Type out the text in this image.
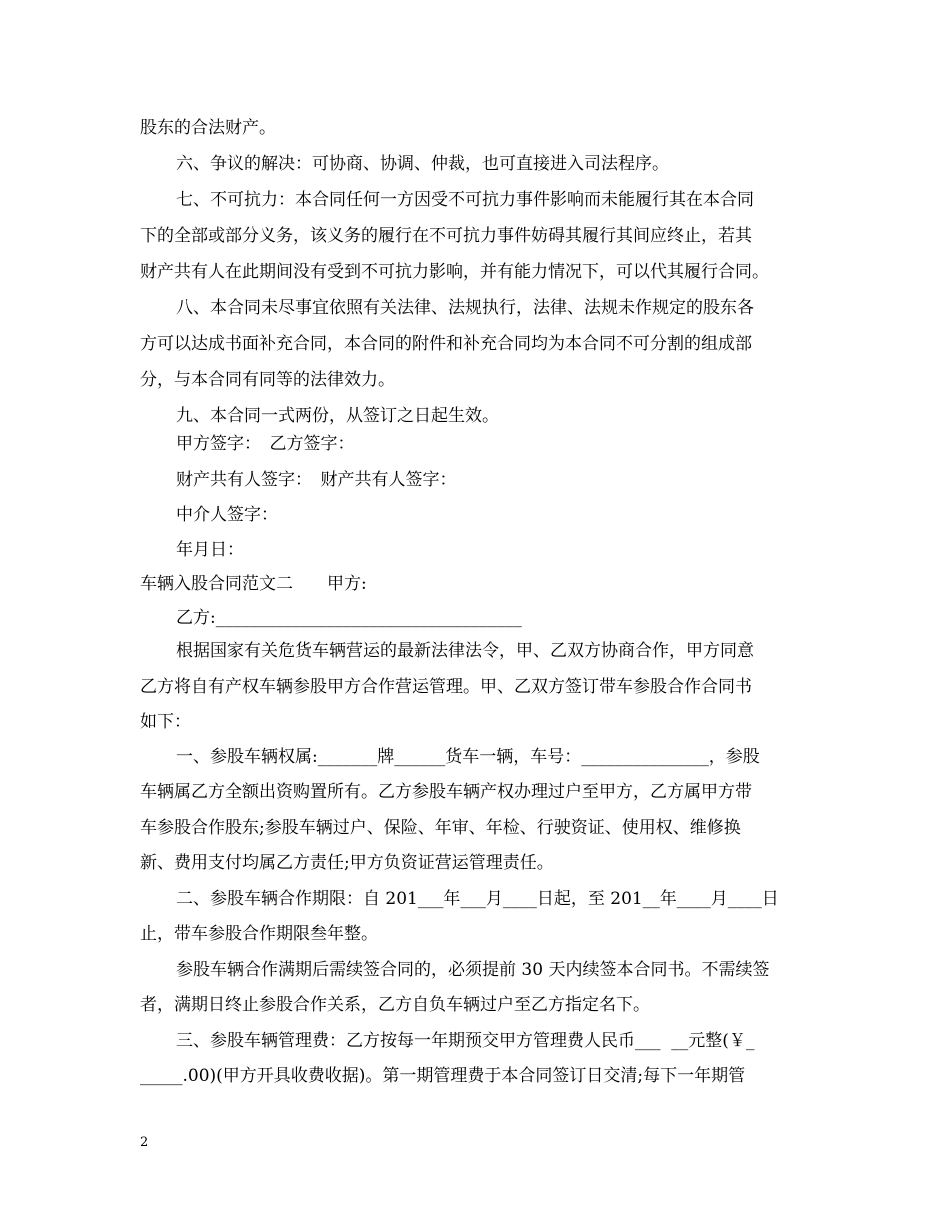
股东的合法财产。
六、争议的解决：可协商、协调、仲裁，也可直接进入司法程序。
七、不可抗力：本合同任何一方因受不可抗力事件影响而未能履行其在本合同
下的全部或部分义务，该义务的履行在不可抗力事件妨碍其履行其间应终止，若其
财产共有人在此期间没有受到不可抗力影响，并有能力情况下，可以代其履行合同。
八、本合同未尽事宜依照有关法律、法规执行，法律、法规未作规定的股东各
方可以达成书面补充合同，本合同的附件和补充合同均为本合同不可分割的组成部
分，与本合同有同等的法律效力。
九、本合同一式两份，从签订之日起生效。
甲方签字：　乙方签字：
财产共有人签字：　财产共有人签字：
中介人签字：
年月日：
车辆入股合同范文二　　甲方:
乙方:____________________________________
根据国家有关危货车辆营运的最新法律法令，甲、乙双方协商合作，甲方同意
乙方将自有产权车辆参股甲方合作营运管理。甲、乙双方签订带车参股合作合同书
如下：
一、参股车辆权属:_______牌______货车一辆，车号：_______________，参股
车辆属乙方全额出资购置所有。乙方参股车辆产权办理过户至甲方，乙方属甲方带
车参股合作股东;参股车辆过户、保险、年审、年检、行驶资证、使用权、维修换
新、费用支付均属乙方责任;甲方负资证营运管理责任。
二、参股车辆合作期限：自 201___年___月____日起，至 201__年____月____日
止，带车参股合作期限叁年整。
参股车辆合作满期后需续签合同的，必须提前 30 天内续签本合同书。不需续签
者，满期日终止参股合作关系，乙方自负车辆过户至乙方指定名下。
三、参股车辆管理费：乙方按每一年期预交甲方管理费人民币___  __元整(￥_
_____.00)(甲方开具收费收据)。第一期管理费于本合同签订日交清;每下一年期管
2
